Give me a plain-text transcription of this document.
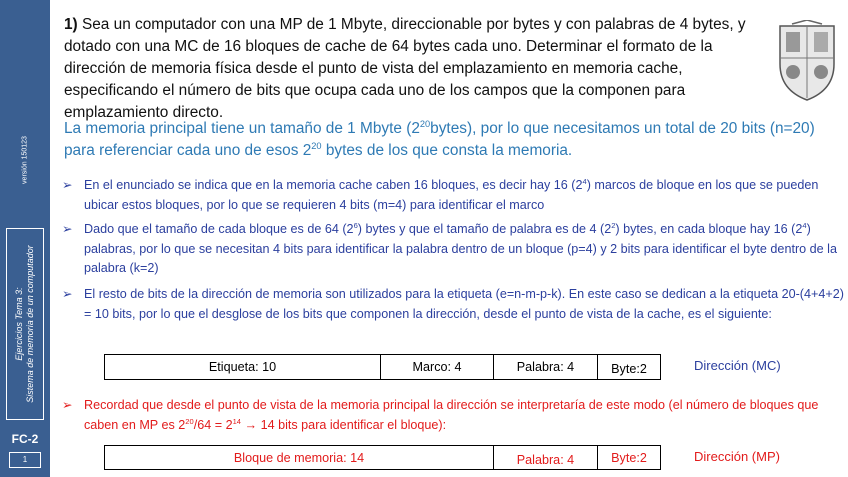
versión 150123
Ejercicios Tema 3: Sistema de memoria de un computador
FC-2
1
1) Sea un computador con una MP de 1 Mbyte, direccionable por bytes y con palabras de 4 bytes, y dotado con una MC de 16 bloques de cache de 64 bytes cada uno. Determinar el formato de la dirección de memoria física desde el punto de vista del emplazamiento en memoria cache, especificando el número de bits que ocupa cada uno de los campos que la componen para emplazamiento directo.
La memoria principal tiene un tamaño de 1 Mbyte $(2^{20}bytes)$, por lo que necesitamos un total de 20 bits (n=20) para referenciar cada uno de esos $2^{20}$ bytes de los que consta la memoria.
➢ En el enunciado se indica que en la memoria cache caben 16 bloques, es decir hay 16 $(2^4)$ marcos de bloque en los que se pueden ubicar estos bloques, por lo que se requieren 4 bits (m=4) para identificar el marco
➢ Dado que el tamaño de cada bloque es de 64 $(2^6)$ bytes y que el tamaño de palabra es de 4 $(2^2)$ bytes, en cada bloque hay 16 $(2^4)$ palabras, por lo que se necesitan 4 bits para identificar la palabra dentro de un bloque (p=4) y 2 bits para identificar el byte dentro de la palabra (k=2)
➢ El resto de bits de la dirección de memoria son utilizados para la etiqueta (e=n-m-p-k). En este caso se dedican a la etiqueta 20-(4+4+2) = 10 bits, por lo que el desglose de los bits que componen la dirección, desde el punto de vista de la cache, es el siguiente:
Etiqueta: 10	Marco: 4	Palabra: 4	Byte:2	Dirección (MC)
➢ Recordad que desde el punto de vista de la memoria principal la dirección se interpretaría de este modo (el número de bloques que caben en MP es $2^{20}/64 = 2^{14} \to 14$ bits para identificar el bloque):
Bloque de memoria: 14	Palabra: 4	Byte:2	Dirección (MP)
